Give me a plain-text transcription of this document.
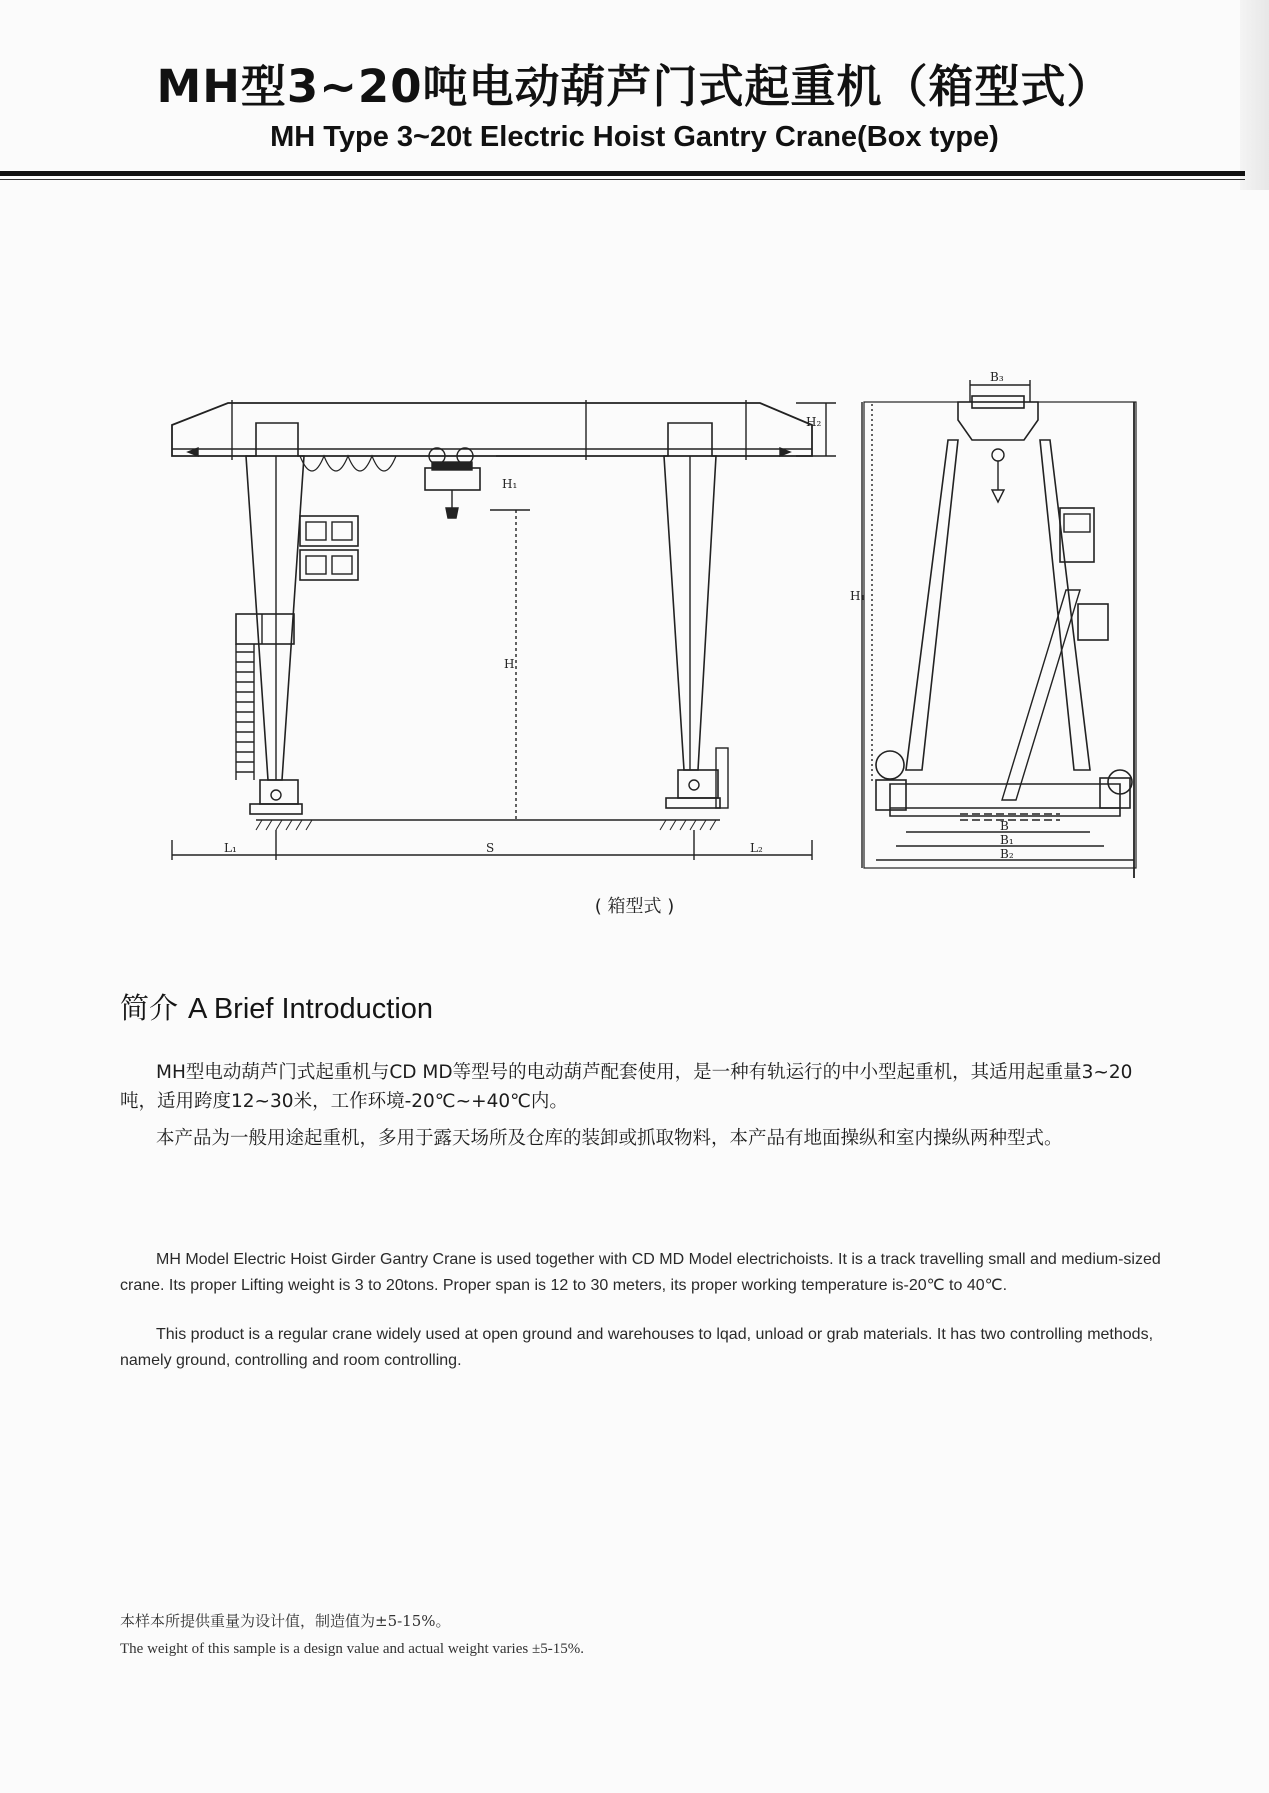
MH型3~20吨电动葫芦门式起重机（箱型式）
MH Type 3~20t Electric Hoist Gantry Crane(Box type)
L₁	S	L₂
H₂
H₁
H
B₃
H₁
B
B₁
B₂
( 箱型式 )
简介 A Brief Introduction

MH型电动葫芦门式起重机与CD MD等型号的电动葫芦配套使用，是一种有轨运行的中小型起重机，其适用起重量3~20吨，适用跨度12~30米，工作环境-20℃~+40℃内。

本产品为一般用途起重机，多用于露天场所及仓库的装卸或抓取物料，本产品有地面操纵和室内操纵两种型式。

MH Model Electric Hoist Girder Gantry Crane is used together with CD MD Model electrichoists. It is a track travelling small and medium-sized crane. Its proper Lifting weight is 3 to 20tons. Proper span is 12 to 30 meters, its proper working temperature is-20℃ to 40℃.

This product is a regular crane widely used at open ground and warehouses to lqad, unload or grab materials. It has two controlling methods, namely ground, controlling and room controlling.

本样本所提供重量为设计值，制造值为±5-15%。
The weight of this sample is a design value and actual weight varies ±5-15%.
